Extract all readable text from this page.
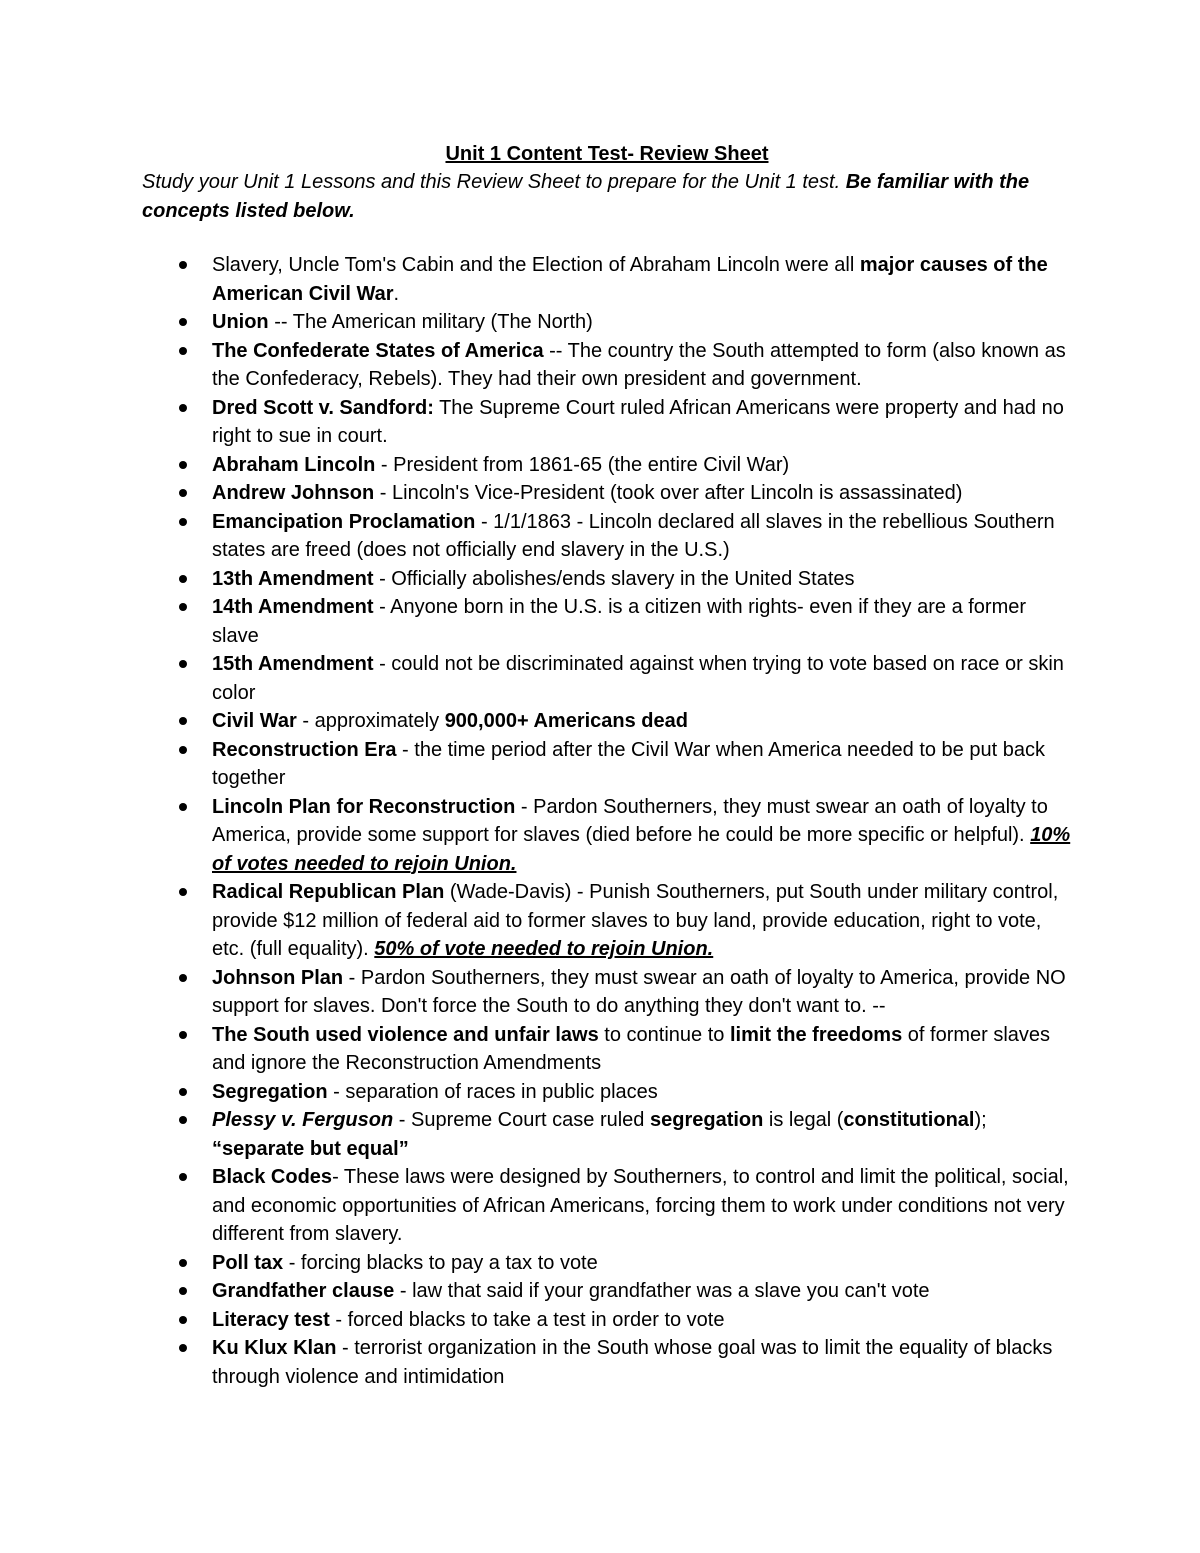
Unit 1 Content Test- Review Sheet

Study your Unit 1 Lessons and this Review Sheet to prepare for the Unit 1 test. Be familiar with the concepts listed below.

Slavery, Uncle Tom's Cabin and the Election of Abraham Lincoln were all major causes of the American Civil War.
Union -- The American military (The North)
The Confederate States of America -- The country the South attempted to form (also known as the Confederacy, Rebels). They had their own president and government.
Dred Scott v. Sandford: The Supreme Court ruled African Americans were property and had no right to sue in court.
Abraham Lincoln - President from 1861-65 (the entire Civil War)
Andrew Johnson - Lincoln's Vice-President (took over after Lincoln is assassinated)
Emancipation Proclamation - 1/1/1863 - Lincoln declared all slaves in the rebellious Southern states are freed (does not officially end slavery in the U.S.)
13th Amendment - Officially abolishes/ends slavery in the United States
14th Amendment - Anyone born in the U.S. is a citizen with rights- even if they are a former slave
15th Amendment - could not be discriminated against when trying to vote based on race or skin color
Civil War - approximately 900,000+ Americans dead
Reconstruction Era - the time period after the Civil War when America needed to be put back together
Lincoln Plan for Reconstruction - Pardon Southerners, they must swear an oath of loyalty to America, provide some support for slaves (died before he could be more specific or helpful). 10% of votes needed to rejoin Union.
Radical Republican Plan (Wade-Davis) - Punish Southerners, put South under military control, provide $12 million of federal aid to former slaves to buy land, provide education, right to vote, etc. (full equality). 50% of vote needed to rejoin Union.
Johnson Plan - Pardon Southerners, they must swear an oath of loyalty to America, provide NO support for slaves. Don't force the South to do anything they don't want to. --
The South used violence and unfair laws to continue to limit the freedoms of former slaves and ignore the Reconstruction Amendments
Segregation - separation of races in public places
Plessy v. Ferguson - Supreme Court case ruled segregation is legal (constitutional); “separate but equal”
Black Codes- These laws were designed by Southerners, to control and limit the political, social, and economic opportunities of African Americans, forcing them to work under conditions not very different from slavery.
Poll tax - forcing blacks to pay a tax to vote
Grandfather clause - law that said if your grandfather was a slave you can't vote
Literacy test - forced blacks to take a test in order to vote
Ku Klux Klan - terrorist organization in the South whose goal was to limit the equality of blacks through violence and intimidation
